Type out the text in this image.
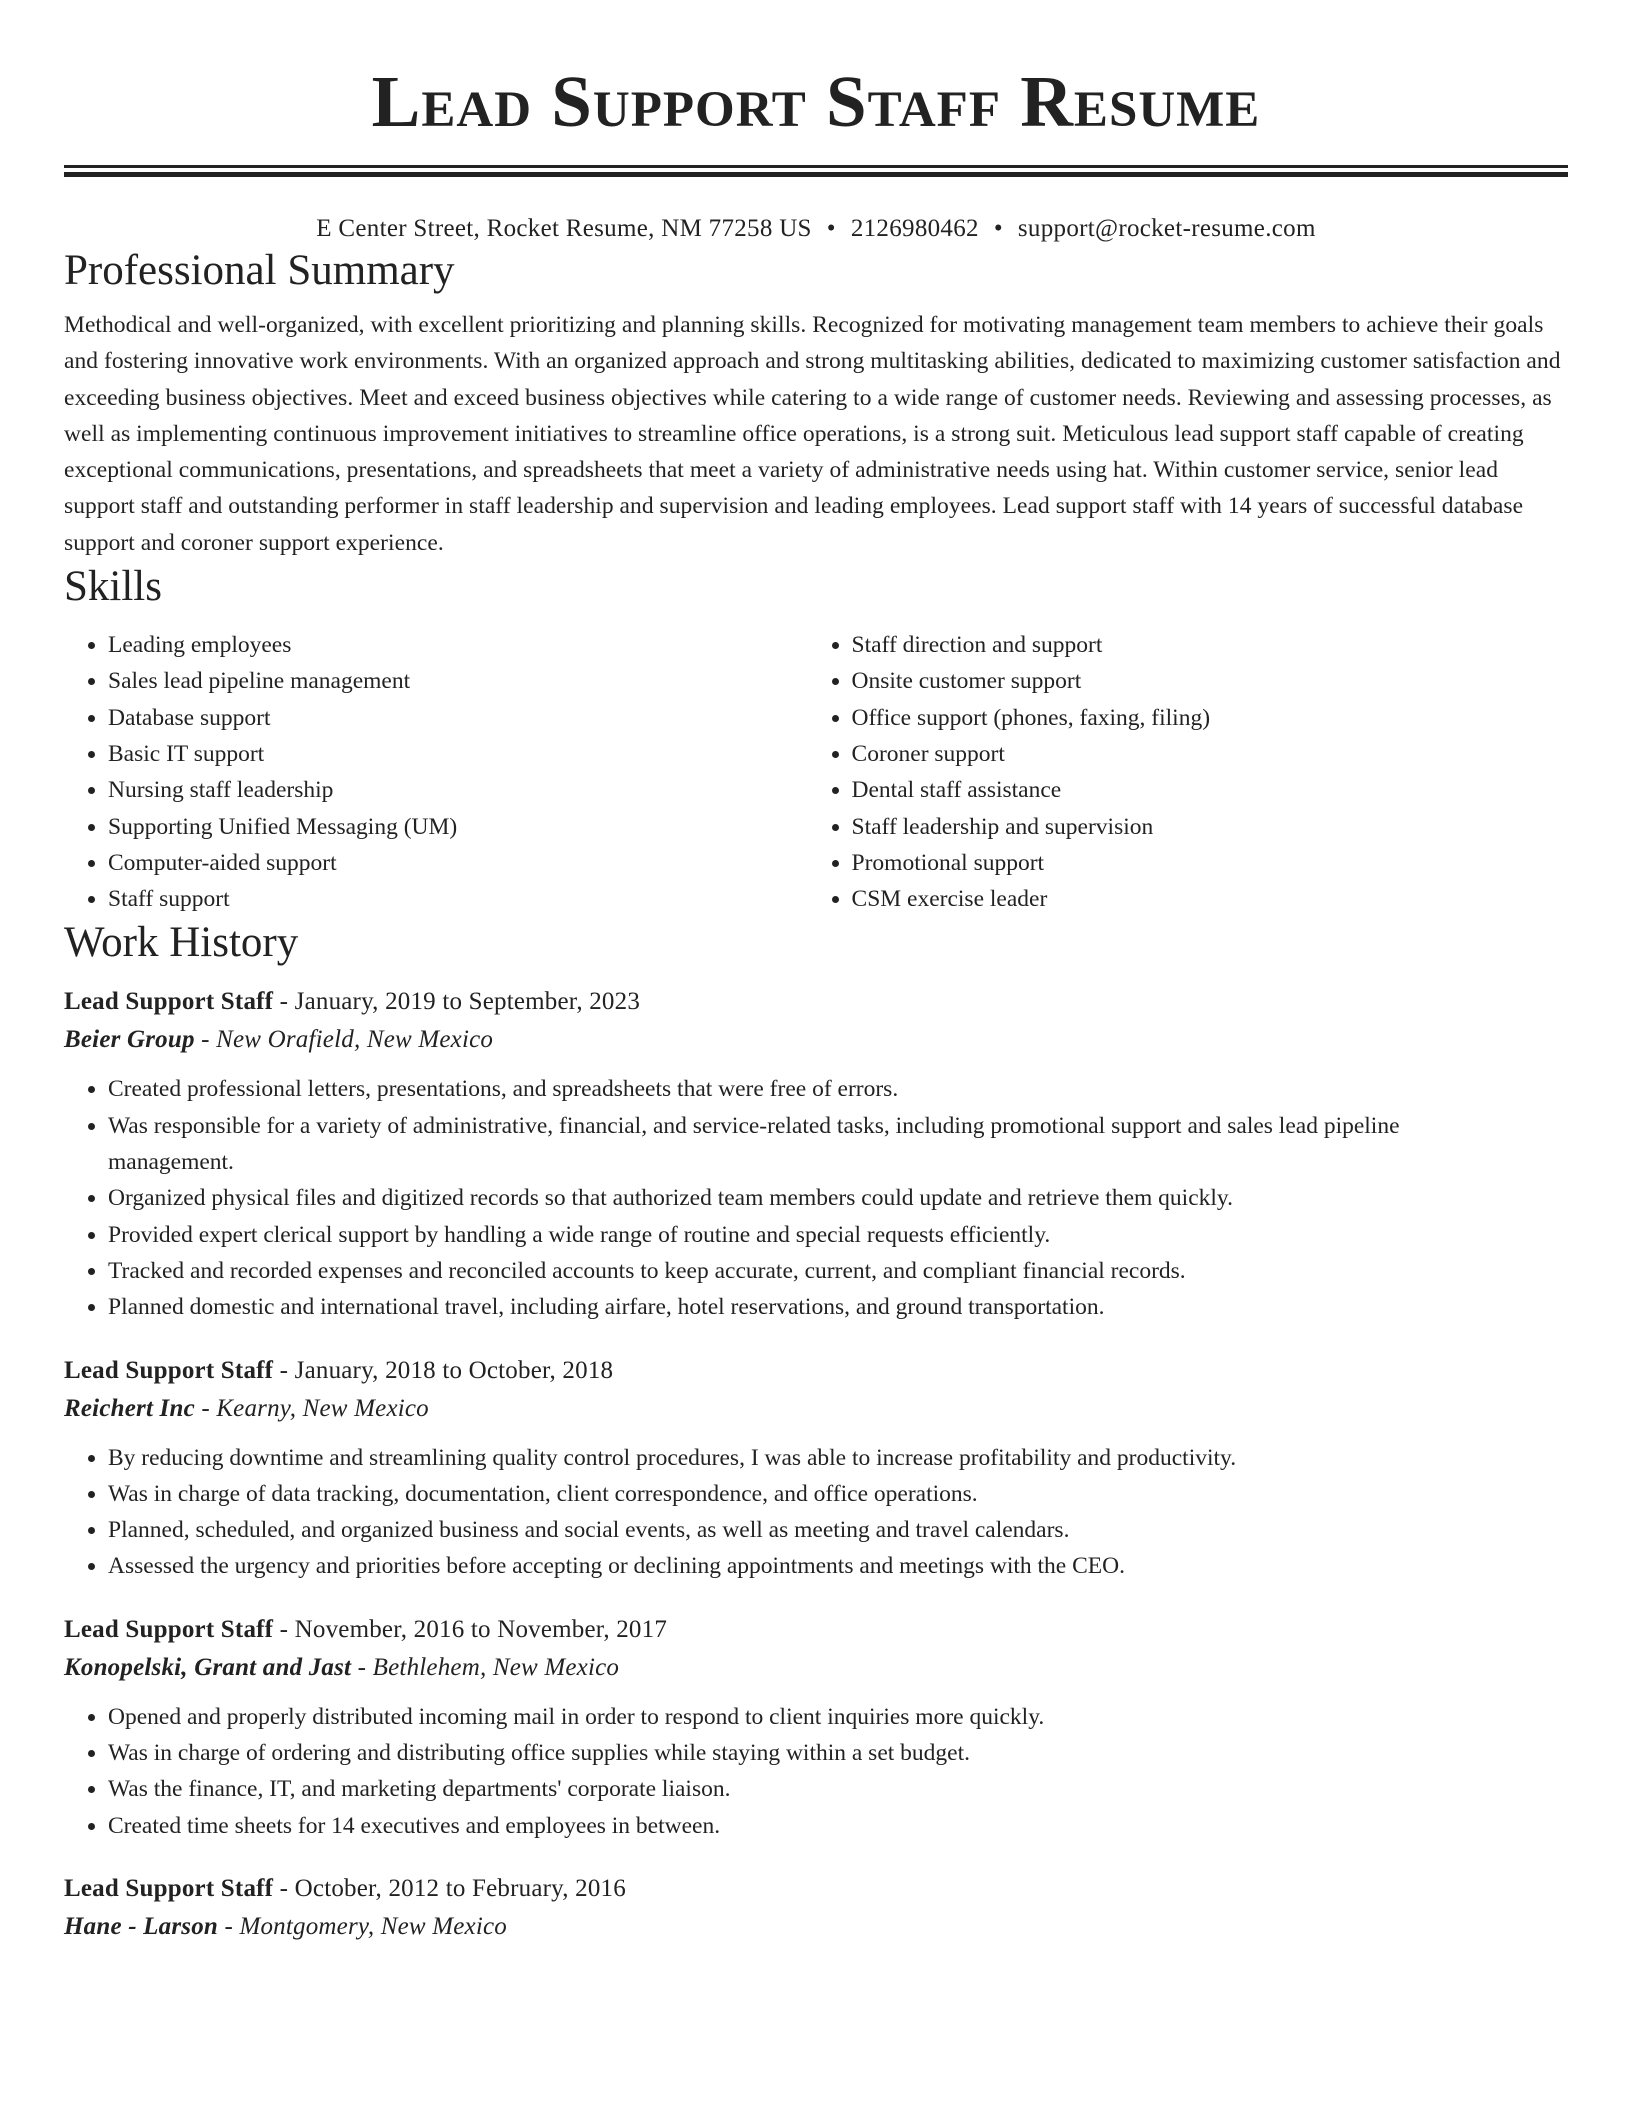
Lead Support Staff Resume
E Center Street, Rocket Resume, NM 77258 US • 2126980462 • support@rocket-resume.com
Professional Summary

Methodical and well-organized, with excellent prioritizing and planning skills. Recognized for motivating management team members to achieve their goals and fostering innovative work environments. With an organized approach and strong multitasking abilities, dedicated to maximizing customer satisfaction and exceeding business objectives. Meet and exceed business objectives while catering to a wide range of customer needs. Reviewing and assessing processes, as well as implementing continuous improvement initiatives to streamline office operations, is a strong suit. Meticulous lead support staff capable of creating exceptional communications, presentations, and spreadsheets that meet a variety of administrative needs using hat. Within customer service, senior lead support staff and outstanding performer in staff leadership and supervision and leading employees. Lead support staff with 14 years of successful database support and coroner support experience.

Skills
• Leading employees
• Sales lead pipeline management
• Database support
• Basic IT support
• Nursing staff leadership
• Supporting Unified Messaging (UM)
• Computer-aided support
• Staff support
• Staff direction and support
• Onsite customer support
• Office support (phones, faxing, filing)
• Coroner support
• Dental staff assistance
• Staff leadership and supervision
• Promotional support
• CSM exercise leader
Work History
Lead Support Staff - January, 2019 to September, 2023
Beier Group - New Orafield, New Mexico
• Created professional letters, presentations, and spreadsheets that were free of errors.
• Was responsible for a variety of administrative, financial, and service-related tasks, including promotional support and sales lead pipeline management.
• Organized physical files and digitized records so that authorized team members could update and retrieve them quickly.
• Provided expert clerical support by handling a wide range of routine and special requests efficiently.
• Tracked and recorded expenses and reconciled accounts to keep accurate, current, and compliant financial records.
• Planned domestic and international travel, including airfare, hotel reservations, and ground transportation.
Lead Support Staff - January, 2018 to October, 2018
Reichert Inc - Kearny, New Mexico
• By reducing downtime and streamlining quality control procedures, I was able to increase profitability and productivity.
• Was in charge of data tracking, documentation, client correspondence, and office operations.
• Planned, scheduled, and organized business and social events, as well as meeting and travel calendars.
• Assessed the urgency and priorities before accepting or declining appointments and meetings with the CEO.
Lead Support Staff - November, 2016 to November, 2017
Konopelski, Grant and Jast - Bethlehem, New Mexico
• Opened and properly distributed incoming mail in order to respond to client inquiries more quickly.
• Was in charge of ordering and distributing office supplies while staying within a set budget.
• Was the finance, IT, and marketing departments' corporate liaison.
• Created time sheets for 14 executives and employees in between.
Lead Support Staff - October, 2012 to February, 2016
Hane - Larson - Montgomery, New Mexico
